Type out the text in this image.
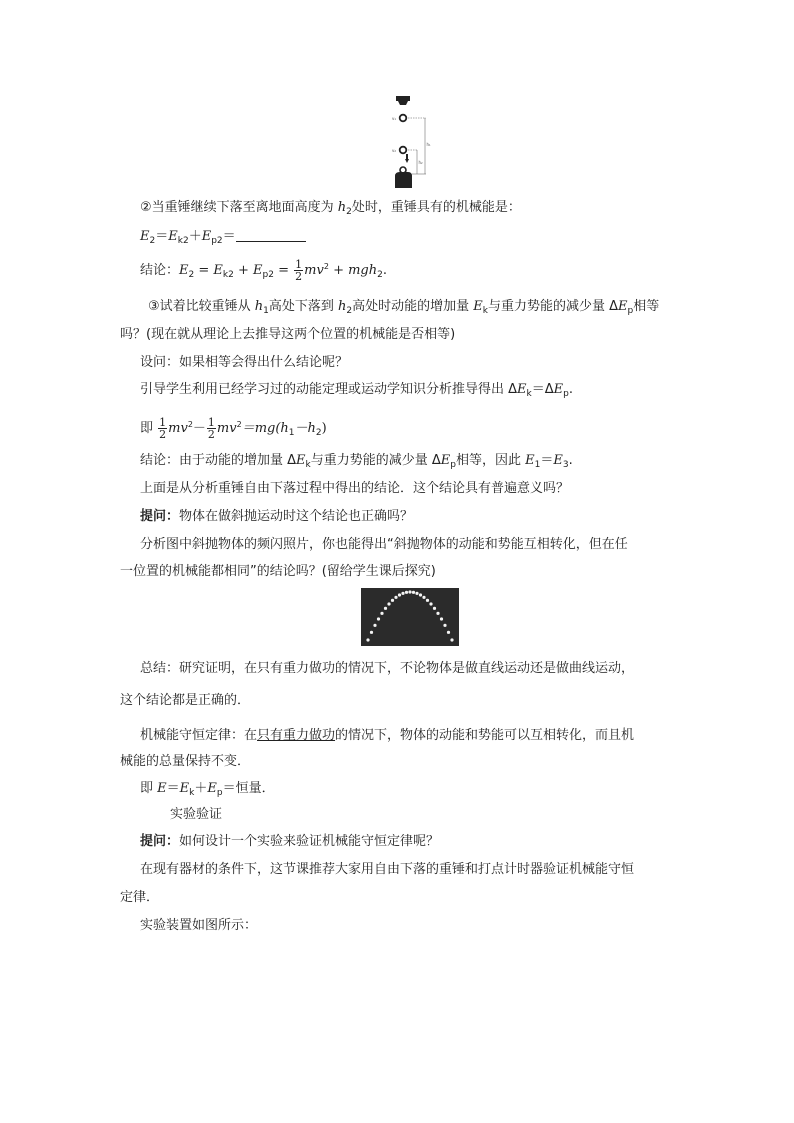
v₁
v₂
h₁
h₂

②当重锤继续下落至离地面高度为 $h_2$处时，重锤具有的机械能是：

$E_2=E_{k2}+E_{p2}=$

结论：$E_2 = E_{k2} + E_{p2} = \frac{1}{2} mv^2 + mgh_2$.

③试着比较重锤从 $h_1$高处下落到 $h_2$高处时动能的增加量 $E_k$与重力势能的减少量 $\Delta E_p$相等

吗？(现在就从理论上去推导这两个位置的机械能是否相等)

设问：如果相等会得出什么结论呢？

引导学生利用已经学习过的动能定理或运动学知识分析推导得出 $\Delta E_k=\Delta E_p$.

即 $\frac{1}{2} mv^2- \frac{1}{2} mv^2=mg(h_1-h_2)$

结论：由于动能的增加量 $\Delta E_k$与重力势能的减少量 $\Delta E_p$相等，因此 $E_1=E_3$.

上面是从分析重锤自由下落过程中得出的结论．这个结论具有普遍意义吗？

提问：物体在做斜抛运动时这个结论也正确吗？

分析图中斜抛物体的频闪照片，你也能得出“斜抛物体的动能和势能互相转化，但在任

一位置的机械能都相同”的结论吗？(留给学生课后探究)

总结：研究证明，在只有重力做功的情况下，不论物体是做直线运动还是做曲线运动，

这个结论都是正确的．

机械能守恒定律：在只有重力做功的情况下，物体的动能和势能可以互相转化，而且机

械能的总量保持不变．

即 $E=E_k+E_p=$恒量．

实验验证

提问：如何设计一个实验来验证机械能守恒定律呢？

在现有器材的条件下，这节课推荐大家用自由下落的重锤和打点计时器验证机械能守恒

定律．

实验装置如图所示：
